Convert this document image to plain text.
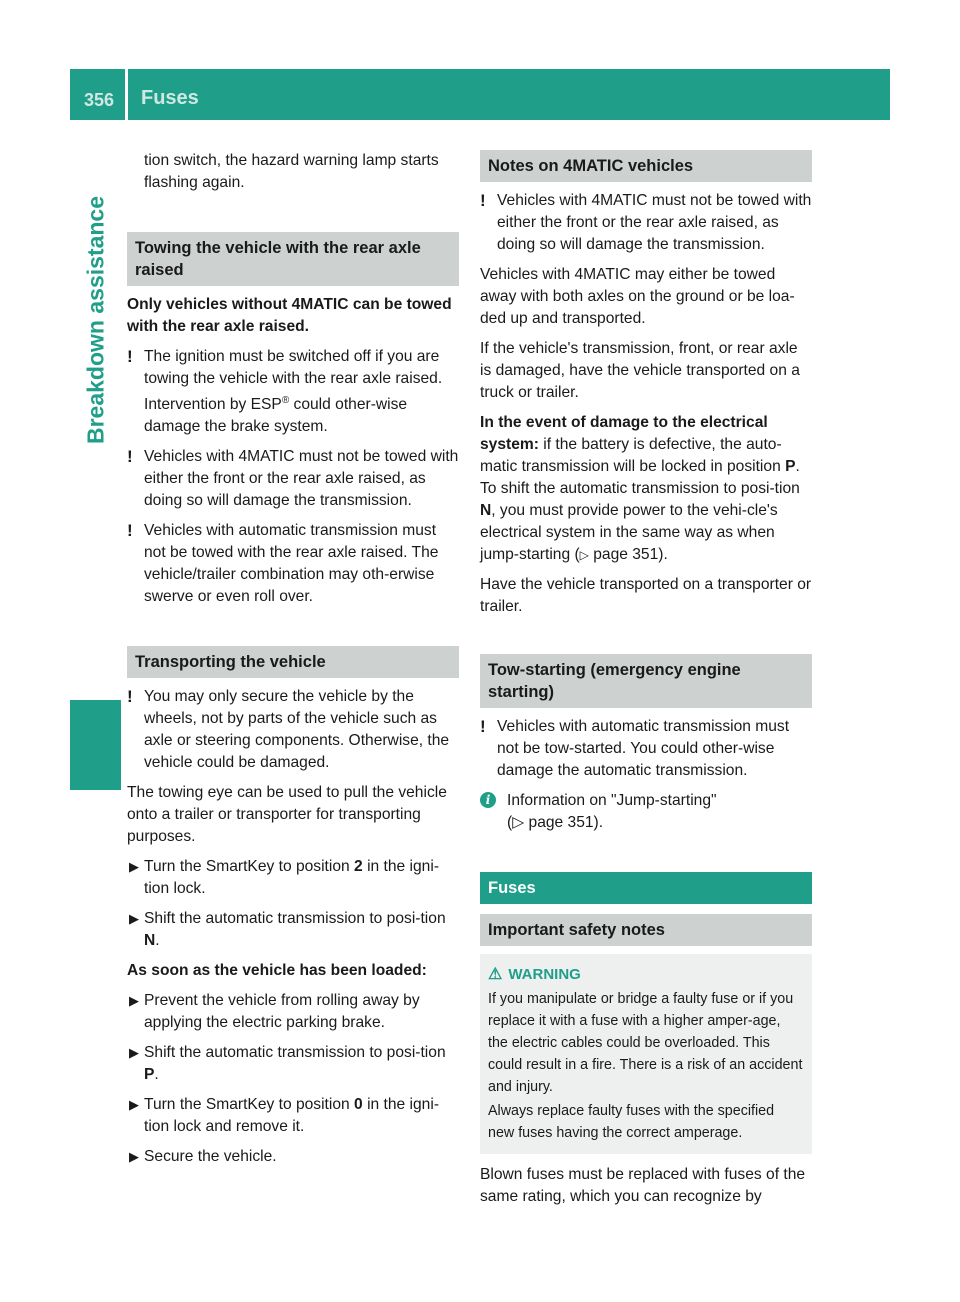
356 Fuses
Breakdown assistance

tion switch, the hazard warning lamp starts flashing again.

Towing the vehicle with the rear axle raised

Only vehicles without 4MATIC can be towed with the rear axle raised.

! The ignition must be switched off if you are towing the vehicle with the rear axle raised. Intervention by ESP® could other-wise damage the brake system.
! Vehicles with 4MATIC must not be towed with either the front or the rear axle raised, as doing so will damage the transmission.
! Vehicles with automatic transmission must not be towed with the rear axle raised. The vehicle/trailer combination may oth-erwise swerve or even roll over.
Transporting the vehicle
! You may only secure the vehicle by the wheels, not by parts of the vehicle such as axle or steering components. Otherwise, the vehicle could be damaged.

The towing eye can be used to pull the vehicle onto a trailer or transporter for transporting purposes.

▶ Turn the SmartKey to position 2 in the igni-tion lock.
▶ Shift the automatic transmission to posi-tion N.

As soon as the vehicle has been loaded:

▶ Prevent the vehicle from rolling away by applying the electric parking brake.
▶ Shift the automatic transmission to posi-tion P.
▶ Turn the SmartKey to position 0 in the igni-tion lock and remove it.
▶ Secure the vehicle.
Notes on 4MATIC vehicles
! Vehicles with 4MATIC must not be towed with either the front or the rear axle raised, as doing so will damage the transmission.

Vehicles with 4MATIC may either be towed away with both axles on the ground or be loa-ded up and transported.

If the vehicle's transmission, front, or rear axle is damaged, have the vehicle transported on a truck or trailer.

In the event of damage to the electrical system: if the battery is defective, the auto-matic transmission will be locked in position P. To shift the automatic transmission to posi-tion N, you must provide power to the vehi-cle's electrical system in the same way as when jump-starting (▷ page 351).

Have the vehicle transported on a transporter or trailer.

Tow-starting (emergency engine starting)
! Vehicles with automatic transmission must not be tow-started. You could other-wise damage the automatic transmission.
i	Information on "Jump-starting"
(▷ page 351).
Fuses
Important safety notes
⚠ WARNING

If you manipulate or bridge a faulty fuse or if you replace it with a fuse with a higher amper-age, the electric cables could be overloaded. This could result in a fire. There is a risk of an accident and injury.

Always replace faulty fuses with the specified new fuses having the correct amperage.

Blown fuses must be replaced with fuses of the same rating, which you can recognize by
